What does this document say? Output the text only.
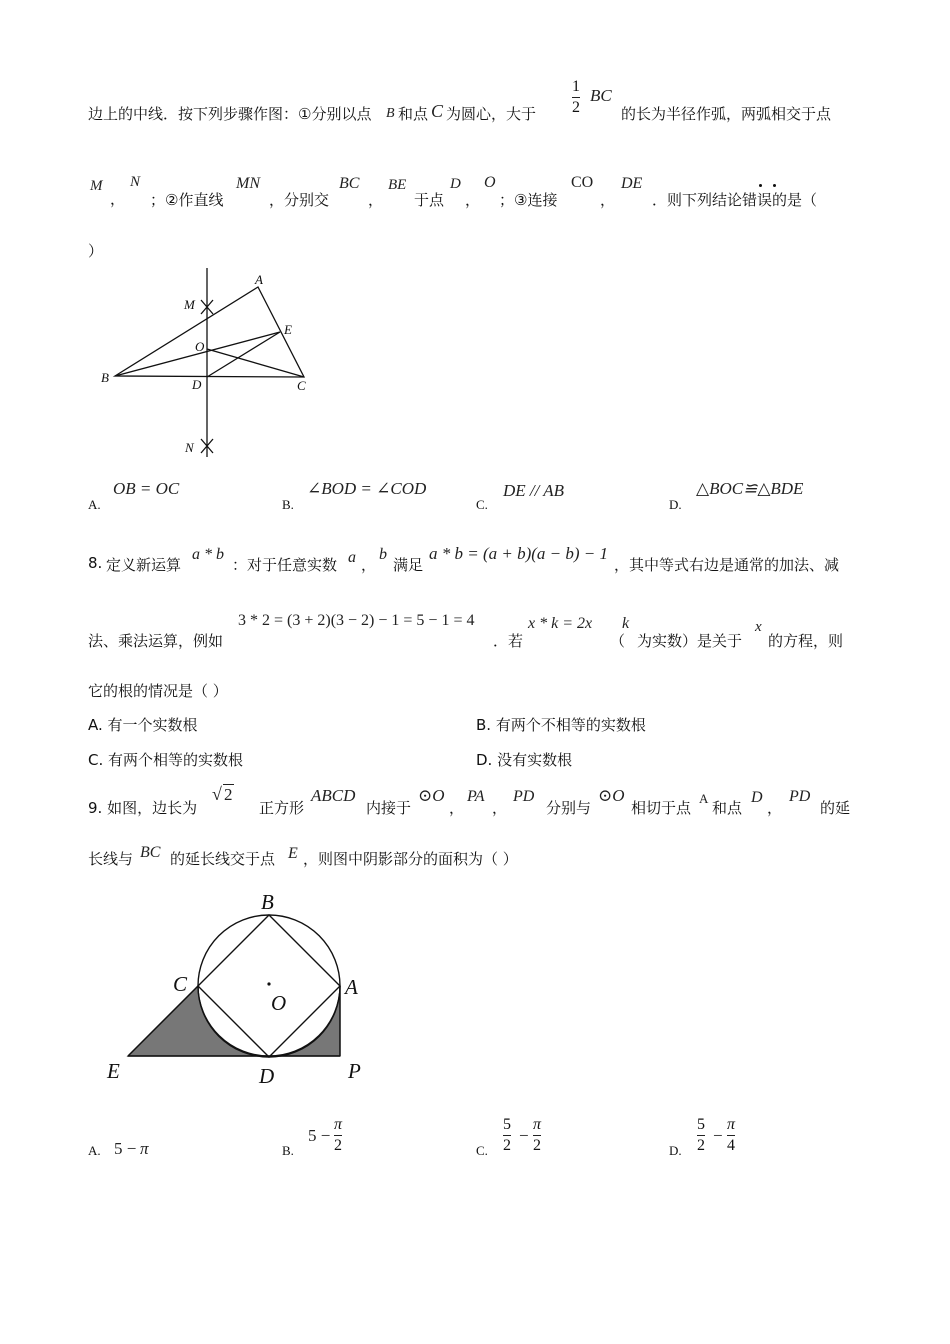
边上的中线．按下列步骤作图：①分别以点 B 和点 C 为圆心，大于
1
2
BC
的长为半径作弧，两弧相交于点
M
，
N
；②作直线
MN
，分别交
BC
，
BE
于点
D
，
O
；③连接
CO
，
DE
．则下列结论错误的是（
）
A
B
C
D
E
M
N
O
A.
OB = OC
B.
∠BOD = ∠COD
C.
DE // AB
D.
△BOC≌△BDE
8. 定义新运算
a * b
：对于任意实数 a ，
b
满足
a * b = (a + b)(a − b) − 1
，其中等式右边是通常的加法、减
法、乘法运算，例如
3 * 2 = (3 + 2)(3 − 2) − 1 = 5 − 1 = 4
．若
x * k = 2x
（
k
为实数）是关于
x
的方程，则
它的根的情况是（ ）
A. 有一个实数根	B. 有两个不相等的实数根
C. 有两个相等的实数根	D. 没有实数根
9. 如图，边长为
√ 2
正方形
ABCD
内接于
⊙O
，
PA
，
PD
分别与
⊙O
相切于点
A
和点
D
，
PD
的延
长线与 BC 的延长线交于点 E ，则图中阴影部分的面积为（ ）
B
C	A
O
E	D	P
A. 5 − π	B.
5 −
π
2	C.
5
2
−
π
2	D.
5
2
−
π
4
